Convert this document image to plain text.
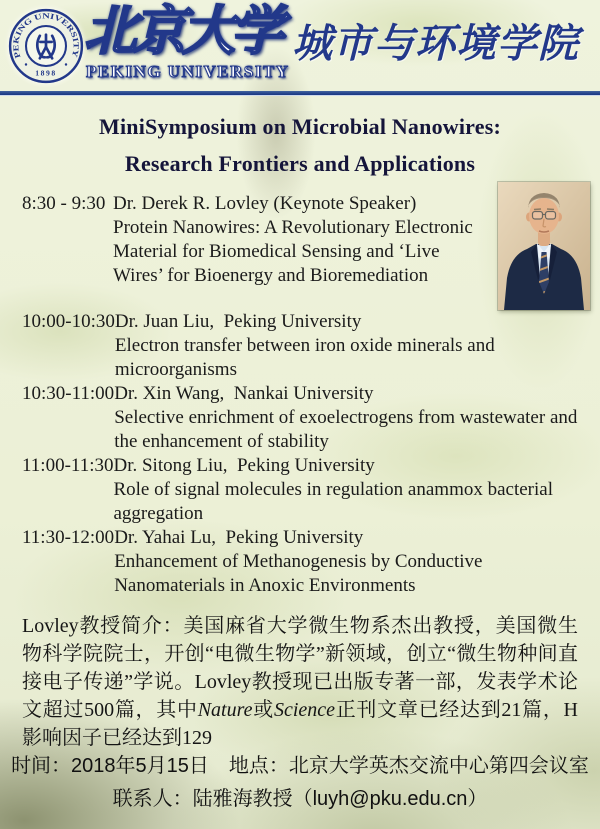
PEKING UNIVERSITY
1898
北京大学
PEKING UNIVERSITY
城市与环境学院
MiniSymposium on Microbial Nanowires:
Research Frontiers and Applications
8:30 - 9:30 Dr. Derek R. Lovley (Keynote Speaker)
Protein Nanowires: A Revolutionary Electronic Material for Biomedical Sensing and ‘Live Wires’ for Bioenergy and Bioremediation
10:00-10:30 Dr. Juan Liu,  Peking University
Electron transfer between iron oxide minerals and microorganisms
10:30-11:00 Dr. Xin Wang,  Nankai University
Selective enrichment of exoelectrogens from wastewater and the enhancement of stability
11:00-11:30 Dr. Sitong Liu,  Peking University
Role of signal molecules in regulation anammox bacterial aggregation
11:30-12:00 Dr. Yahai Lu,  Peking University
Enhancement of Methanogenesis by Conductive Nanomaterials in Anoxic Environments

Lovley教授简介：美国麻省大学微生物系杰出教授，美国微生物科学院院士，开创“电微生物学”新领域，创立“微生物种间直接电子传递”学说。Lovley教授现已出版专著一部，发表学术论文超过500篇，其中Nature或Science正刊文章已经达到21篇，H影响因子已经达到129

时间：2018年5月15日　地点：北京大学英杰交流中心第四会议室
联系人：陆雅海教授（luyh@pku.edu.cn）
